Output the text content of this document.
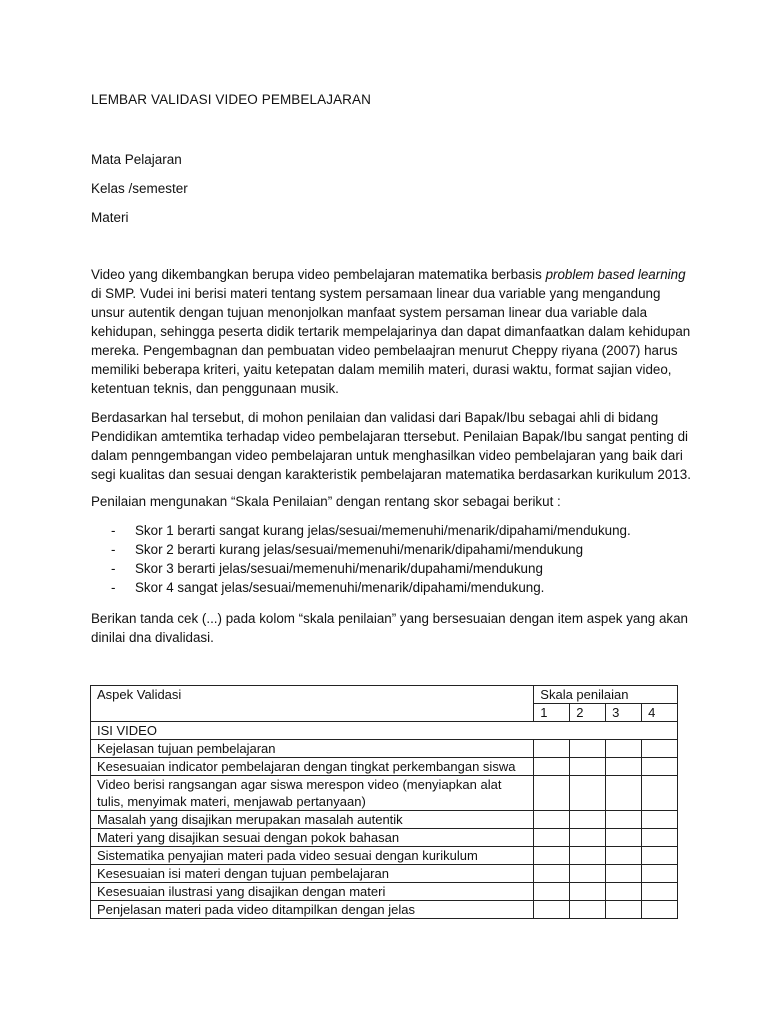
LEMBAR VALIDASI VIDEO PEMBELAJARAN
Mata Pelajaran
Kelas /semester
Materi

Video yang dikembangkan berupa video pembelajaran matematika berbasis problem based learning di SMP. Vudei ini berisi materi tentang system persamaan linear dua variable yang mengandung unsur autentik dengan tujuan menonjolkan manfaat system persaman linear dua variable dala kehidupan, sehingga peserta didik tertarik mempelajarinya dan dapat dimanfaatkan dalam kehidupan mereka. Pengembagnan dan pembuatan video pembelaajran menurut Cheppy riyana (2007) harus memiliki beberapa kriteri, yaitu ketepatan dalam memilih materi, durasi waktu, format sajian video, ketentuan teknis, dan penggunaan musik.

Berdasarkan hal tersebut, di mohon penilaian dan validasi dari Bapak/Ibu sebagai ahli di bidang Pendidikan amtemtika terhadap video pembelajaran ttersebut. Penilaian Bapak/Ibu sangat penting di dalam penngembangan video pembelajaran untuk menghasilkan video pembelajaran yang baik dari segi kualitas dan sesuai dengan karakteristik pembelajaran matematika berdasarkan kurikulum 2013.

Penilaian mengunakan “Skala Penilaian” dengan rentang skor sebagai berikut :

- Skor 1 berarti sangat kurang jelas/sesuai/memenuhi/menarik/dipahami/mendukung.
- Skor 2 berarti kurang jelas/sesuai/memenuhi/menarik/dipahami/mendukung
- Skor 3 berarti jelas/sesuai/memenuhi/menarik/dupahami/mendukung
- Skor 4 sangat jelas/sesuai/memenuhi/menarik/dipahami/mendukung.

Berikan tanda cek (...) pada kolom “skala penilaian” yang bersesuaian dengan item aspek yang akan dinilai dna divalidasi.

Aspek Validasi	Skala penilaian			
	1	2	3	4
ISI VIDEO				
Kejelasan tujuan pembelajaran				
Kesesuaian indicator pembelajaran dengan tingkat perkembangan siswa				
Video berisi rangsangan agar siswa merespon video (menyiapkan alat tulis, menyimak materi, menjawab pertanyaan)				
Masalah yang disajikan merupakan masalah autentik				
Materi yang disajikan sesuai dengan pokok bahasan				
Sistematika penyajian materi pada video sesuai dengan kurikulum				
Kesesuaian isi materi dengan tujuan pembelajaran				
Kesesuaian ilustrasi yang disajikan dengan materi				
Penjelasan materi pada video ditampilkan dengan jelas				
